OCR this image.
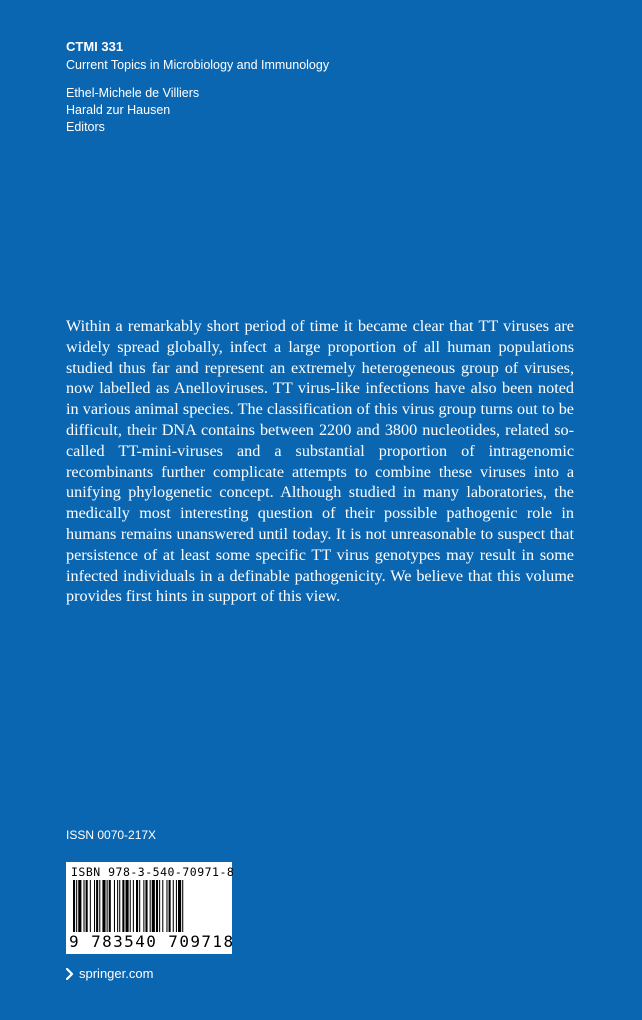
CTMI 331
Current Topics in Microbiology and Immunology
Ethel-Michele de Villiers
Harald zur Hausen
Editors

Within a remarkably short period of time it became clear that TT viruses are widely spread globally, infect a large proportion of all human populations studied thus far and represent an extremely heterogeneous group of viruses, now labelled as Anelloviruses. TT virus-like infections have also been noted in various animal species. The classification of this virus group turns out to be difficult, their DNA contains between 2200 and 3800 nucleotides, related so-called TT-mini-viruses and a substantial proportion of intragenomic recombinants further complicate attempts to combine these viruses into a unifying phylogenetic concept. Although studied in many laboratories, the medically most interesting question of their possible pathogenic role in humans remains unanswered until today. It is not unreasonable to suspect that persistence of at least some specific TT virus genotypes may result in some infected individuals in a definable pathogenicity. We believe that this volume provides first hints in support of this view.

ISSN 0070-217X
ISBN 978-3-540-70971-8
9 783540 709718
springer.com
